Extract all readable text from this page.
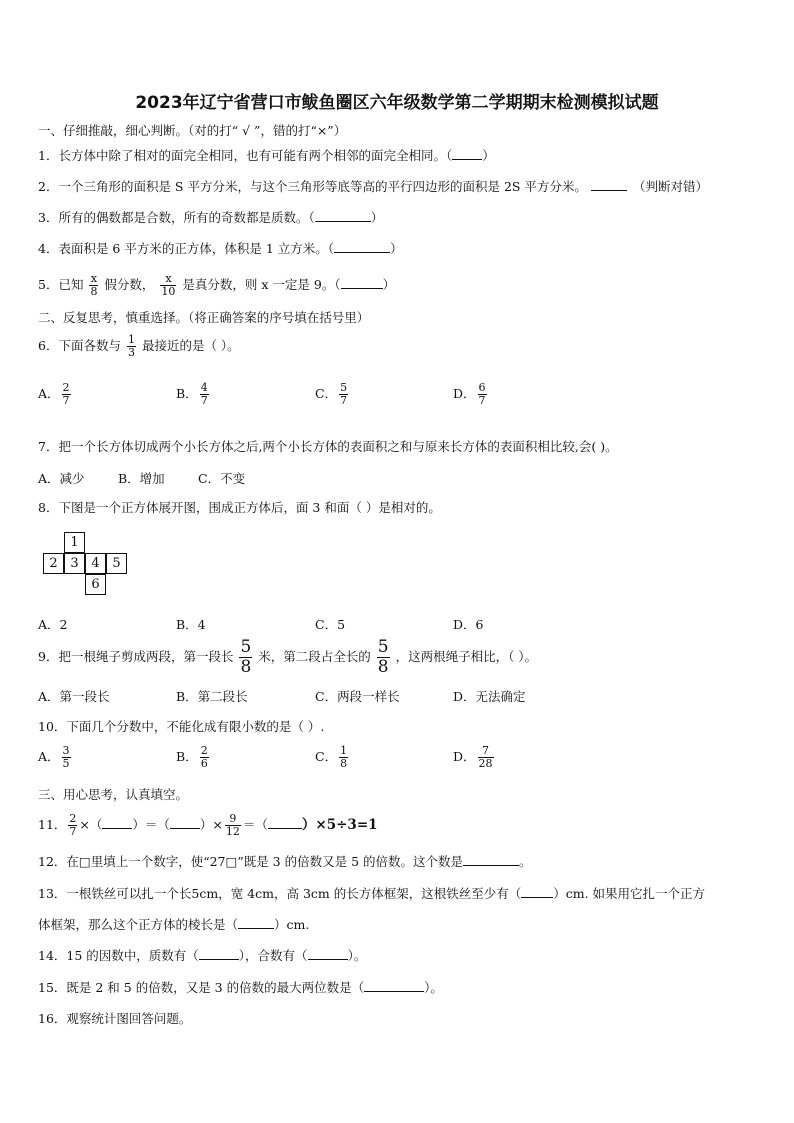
2023年辽宁省营口市鲅鱼圈区六年级数学第二学期期末检测模拟试题
一、仔细推敲，细心判断。（对的打“ √ ”，错的打“×”）
1．长方体中除了相对的面完全相同，也有可能有两个相邻的面完全相同。（ ）
2．一个三角形的面积是 S 平方分米，与这个三角形等底等高的平行四边形的面积是 2S 平方分米。	（判断对错）
3．所有的偶数都是合数，所有的奇数都是质数。（	）
4．表面积是 6 平方米的正方体，体积是 1 立方米。（	）
5．已知 $\frac{x}{8}$ 假分数， $\frac{x}{10}$ 是真分数，则 x 一定是 9。（	）
二、反复思考，慎重选择。（将正确答案的序号填在括号里）
6．下面各数与 $\frac{1}{3}$ 最接近的是（ ）。
A． $\frac{2}{7}$	B． $\frac{4}{7}$	C． $\frac{5}{7}$	D． $\frac{6}{7}$
7．把一个长方体切成两个小长方体之后,两个小长方体的表面积之和与原来长方体的表面积相比较,会( )。
A．减少	B．增加	C．不变
8．下图是一个正方体展开图，围成正方体后，面 3 和面（ ）是相对的。
1
2 3 4 5
6
A．2	B．4	C．5	D．6
9．把一根绳子剪成两段，第一段长 $\frac{5}{8}$ 米，第二段占全长的 $\frac{5}{8}$ ，这两根绳子相比，（ ）。
A．第一段长	B．第二段长	C．两段一样长	D．无法确定
10．下面几个分数中，不能化成有限小数的是（ ）.
A． $\frac{3}{5}$	B． $\frac{2}{6}$	C． $\frac{1}{8}$	D． $\frac{7}{28}$
三、用心思考，认真填空。
11． $\frac{2}{7}$ ×（ ）＝（ ）× $\frac{9}{12}$ ＝（	）×5÷3=1
12．在□里填上一个数字，使“27□”既是 3 的倍数又是 5 的倍数。这个数是	。
13．一根铁丝可以扎一个长5cm，宽 4cm，高 3cm 的长方体框架，这根铁丝至少有（	）cm. 如果用它扎一个正方
体框架，那么这个正方体的棱长是（	）cm.
14．15 的因数中，质数有（	），合数有（	）。
15．既是 2 和 5 的倍数，又是 3 的倍数的最大两位数是（	）。
16．观察统计图回答问题。
